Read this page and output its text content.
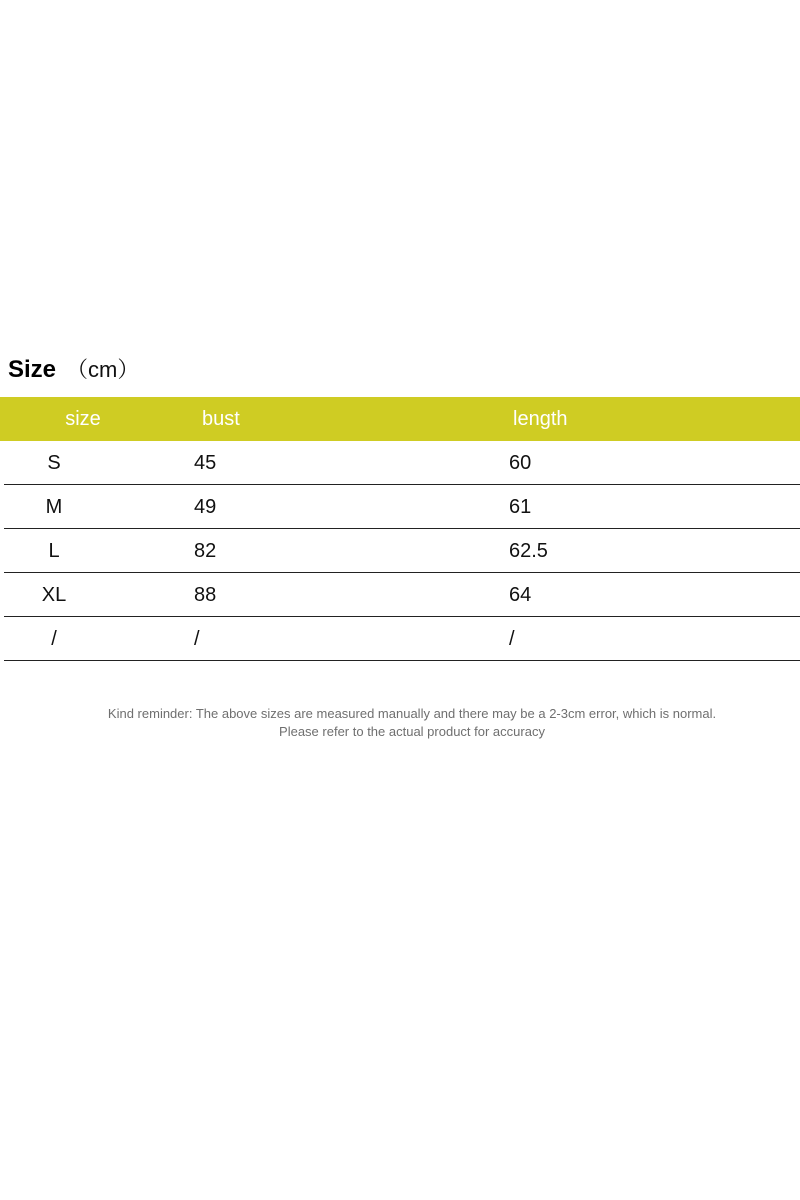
Size （cm）
size	bust	length
S	45	60
M	49	61
L	82	62.5
XL	88	64
/	/	/
Kind reminder: The above sizes are measured manually and there may be a 2-3cm error, which is normal.
Please refer to the actual product for accuracy
